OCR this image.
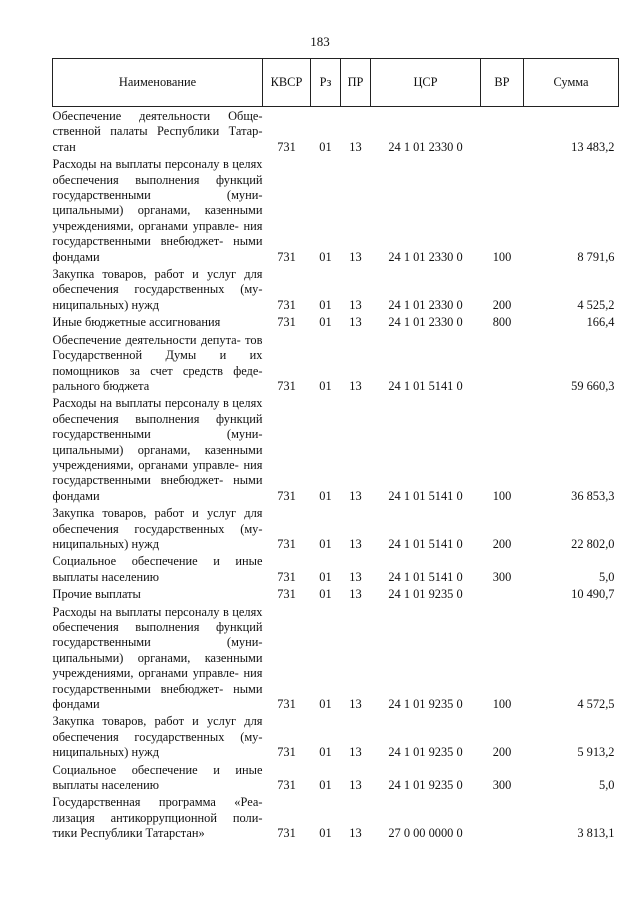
183
Наименование	КВСР	Рз	ПР	ЦСР	ВР	Сумма
Обеспечение деятельности Обще- ственной палаты Республики Татар- стан	731	01	13	24 1 01 2330 0		13 483,2
Расходы на выплаты персоналу в целях обеспечения выполнения функций государственными (муни- ципальными) органами, казенными учреждениями, органами управле- ния государственными внебюджет- ными фондами	731	01	13	24 1 01 2330 0	100	8 791,6
Закупка товаров, работ и услуг для обеспечения государственных (му- ниципальных) нужд	731	01	13	24 1 01 2330 0	200	4 525,2
Иные бюджетные ассигнования	731	01	13	24 1 01 2330 0	800	166,4
Обеспечение деятельности депута- тов Государственной Думы и их помощников за счет средств феде- рального бюджета	731	01	13	24 1 01 5141 0		59 660,3
Расходы на выплаты персоналу в целях обеспечения выполнения функций государственными (муни- ципальными) органами, казенными учреждениями, органами управле- ния государственными внебюджет- ными фондами	731	01	13	24 1 01 5141 0	100	36 853,3
Закупка товаров, работ и услуг для обеспечения государственных (му- ниципальных) нужд	731	01	13	24 1 01 5141 0	200	22 802,0
Социальное обеспечение и иные выплаты населению	731	01	13	24 1 01 5141 0	300	5,0
Прочие выплаты	731	01	13	24 1 01 9235 0		10 490,7
Расходы на выплаты персоналу в целях обеспечения выполнения функций государственными (муни- ципальными) органами, казенными учреждениями, органами управле- ния государственными внебюджет- ными фондами	731	01	13	24 1 01 9235 0	100	4 572,5
Закупка товаров, работ и услуг для обеспечения государственных (му- ниципальных) нужд	731	01	13	24 1 01 9235 0	200	5 913,2
Социальное обеспечение и иные выплаты населению	731	01	13	24 1 01 9235 0	300	5,0
Государственная программа «Реа- лизация антикоррупционной поли- тики Республики Татарстан»	731	01	13	27 0 00 0000 0		3 813,1
